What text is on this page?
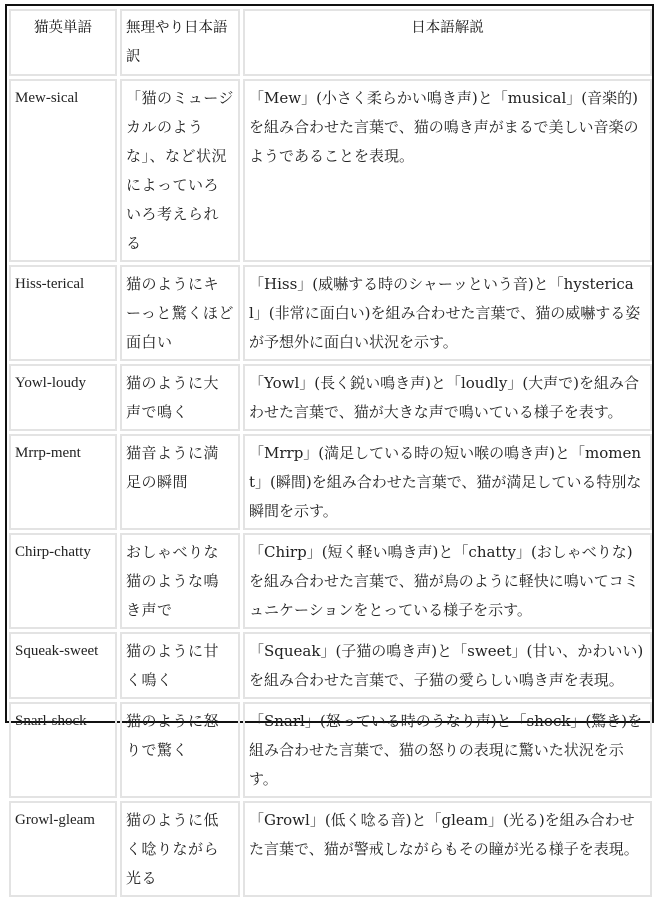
猫英単語	無理やり日本語訳	日本語解説
Mew-sical	「猫のミュージカルのような」、など状況によっていろいろ考えられる	「Mew」(小さく柔らかい鳴き声)と「musical」(音楽的)を組み合わせた言葉で、猫の鳴き声がまるで美しい音楽のようであることを表現。
Hiss-terical	猫のようにキーっと驚くほど面白い	「Hiss」(威嚇する時のシャーッという音)と「hysterical」(非常に面白い)を組み合わせた言葉で、猫の威嚇する姿が予想外に面白い状況を示す。
Yowl-loudy	猫のように大声で鳴く	「Yowl」(長く鋭い鳴き声)と「loudly」(大声で)を組み合わせた言葉で、猫が大きな声で鳴いている様子を表す。
Mrrp-ment	猫音ように満足の瞬間	「Mrrp」(満足している時の短い喉の鳴き声)と「moment」(瞬間)を組み合わせた言葉で、猫が満足している特別な瞬間を示す。
Chirp-chatty	おしゃべりな猫のような鳴き声で	「Chirp」(短く軽い鳴き声)と「chatty」(おしゃべりな)を組み合わせた言葉で、猫が鳥のように軽快に鳴いてコミュニケーションをとっている様子を示す。
Squeak-sweet	猫のように甘く鳴く	「Squeak」(子猫の鳴き声)と「sweet」(甘い、かわいい)を組み合わせた言葉で、子猫の愛らしい鳴き声を表現。
Snarl-shock	猫のように怒りで驚く	「Snarl」(怒っている時のうなり声)と「shock」(驚き)を組み合わせた言葉で、猫の怒りの表現に驚いた状況を示す。
Growl-gleam	猫のように低く唸りながら光る	「Growl」(低く唸る音)と「gleam」(光る)を組み合わせた言葉で、猫が警戒しながらもその瞳が光る様子を表現。
